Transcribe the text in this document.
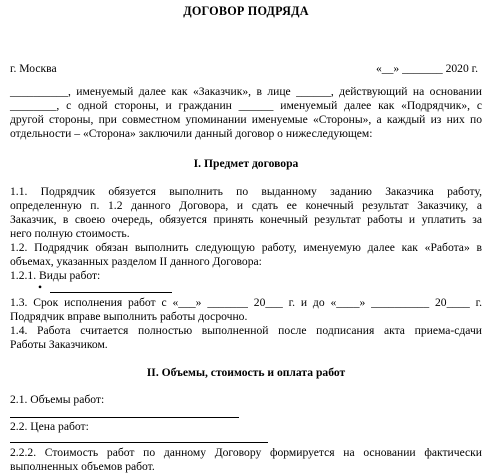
ДОГОВОР ПОДРЯДА
г. Москва	«__» _______ 2020 г.
__________, именуемый далее как «Заказчик», в лице ______, действующий на основании
________, с одной стороны, и гражданин ______ именуемый далее как «Подрядчик», с
другой стороны, при совместном упоминании именуемые «Стороны», а каждый из них по
отдельности – «Сторона» заключили данный договор о нижеследующем:
I. Предмет договора
1.1. Подрядчик обязуется выполнить по выданному заданию Заказчика работу,
определенную п. 1.2 данного Договора, и сдать ее конечный результат Заказчику, а
Заказчик, в своею очередь, обязуется принять конечный результат работы и уплатить за
него полную стоимость.
1.2. Подрядчик обязан выполнить следующую работу, именуемую далее как «Работа» в
объемах, указанных разделом II данного Договора:
1.2.1. Виды работ:
•
1.3. Срок исполнения работ с «___» _______ 20___ г. и до «____» __________ 20____ г.
Подрядчик вправе выполнить работы досрочно.
1.4. Работа считается полностью выполненной после подписания акта приема-сдачи
Работы Заказчиком.
II. Объемы, стоимость и оплата работ
2.1. Объемы работ:
2.2. Цена работ:
2.2.2. Стоимость работ по данному Договору формируется на основании фактически
выполненных объемов работ.
